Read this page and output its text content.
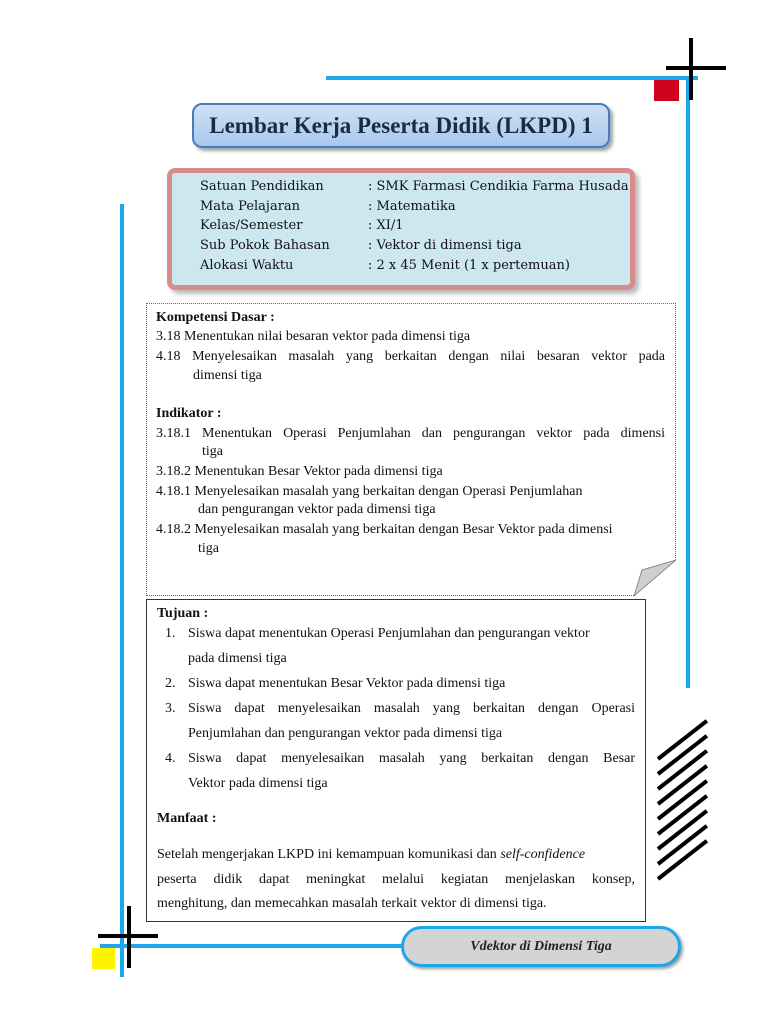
Lembar Kerja Peserta Didik (LKPD) 1
Satuan Pendidikan	: SMK Farmasi Cendikia Farma Husada
Mata Pelajaran	: Matematika
Kelas/Semester	: XI/1
Sub Pokok Bahasan	: Vektor di dimensi tiga
Alokasi Waktu	: 2 x 45 Menit (1 x pertemuan)
Kompetensi Dasar :
3.18 Menentukan nilai besaran vektor pada dimensi tiga
4.18 Menyelesaikan masalah yang berkaitan dengan nilai besaran vektor pada
dimensi tiga
Indikator :
3.18.1 Menentukan Operasi Penjumlahan dan pengurangan vektor pada dimensi
tiga
3.18.2 Menentukan Besar Vektor pada dimensi tiga
4.18.1 Menyelesaikan masalah yang berkaitan dengan Operasi Penjumlahan
dan pengurangan vektor pada dimensi tiga
4.18.2 Menyelesaikan masalah yang berkaitan dengan Besar Vektor pada dimensi
tiga
Tujuan :
1. Siswa dapat menentukan Operasi Penjumlahan dan pengurangan vektor
pada dimensi tiga
2. Siswa dapat menentukan Besar Vektor pada dimensi tiga
3. Siswa dapat menyelesaikan masalah yang berkaitan dengan Operasi
Penjumlahan dan pengurangan vektor pada dimensi tiga
4. Siswa dapat menyelesaikan masalah yang berkaitan dengan Besar
Vektor pada dimensi tiga
Manfaat :
Setelah mengerjakan LKPD ini kemampuan komunikasi dan self-confidence
peserta didik dapat meningkat melalui kegiatan menjelaskan konsep,
menghitung, dan memecahkan masalah terkait vektor di dimensi tiga.
Vdektor di Dimensi Tiga
